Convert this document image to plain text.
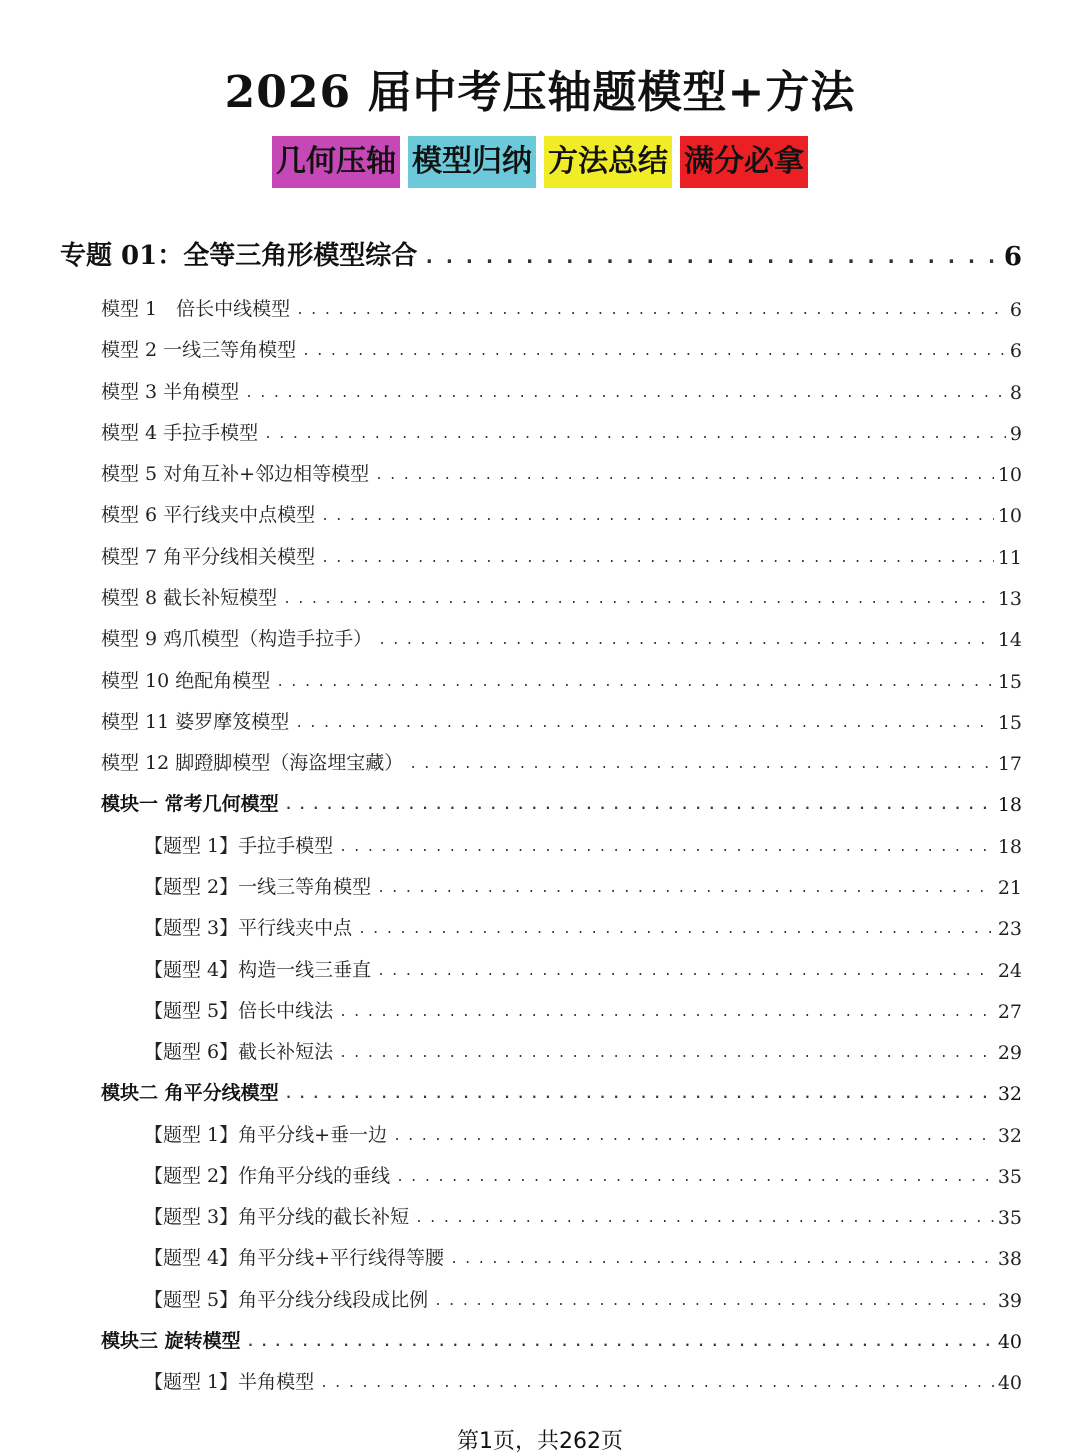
2026 届中考压轴题模型+方法
几何压轴 模型归纳 方法总结 满分必拿
专题 01：全等三角形模型综合 . . .	6
模型 1　倍长中线模型 . . .	6
模型 2 一线三等角模型 . . .	6
模型 3 半角模型 . . .	8
模型 4 手拉手模型 . . .	9
模型 5 对角互补+邻边相等模型 . . .	10
模型 6 平行线夹中点模型 . . .	10
模型 7 角平分线相关模型 . . .	11
模型 8 截长补短模型 . . .	13
模型 9 鸡爪模型（构造手拉手） . . .	14
模型 10 绝配角模型 . . .	15
模型 11 婆罗摩笈模型 . . .	15
模型 12 脚蹬脚模型（海盗埋宝藏） . . .	17
模块一 常考几何模型 . . .	18
【题型 1】手拉手模型 . . .	18
【题型 2】一线三等角模型 . . .	21
【题型 3】平行线夹中点 . . .	23
【题型 4】构造一线三垂直 . . .	24
【题型 5】倍长中线法 . . .	27
【题型 6】截长补短法 . . .	29
模块二 角平分线模型 . . .	32
【题型 1】角平分线+垂一边 . . .	32
【题型 2】作角平分线的垂线 . . .	35
【题型 3】角平分线的截长补短 . . .	35
【题型 4】角平分线+平行线得等腰 . . .	38
【题型 5】角平分线分线段成比例 . . .	39
模块三 旋转模型 . . .	40
【题型 1】半角模型 . . .	40
第1页，共262页
